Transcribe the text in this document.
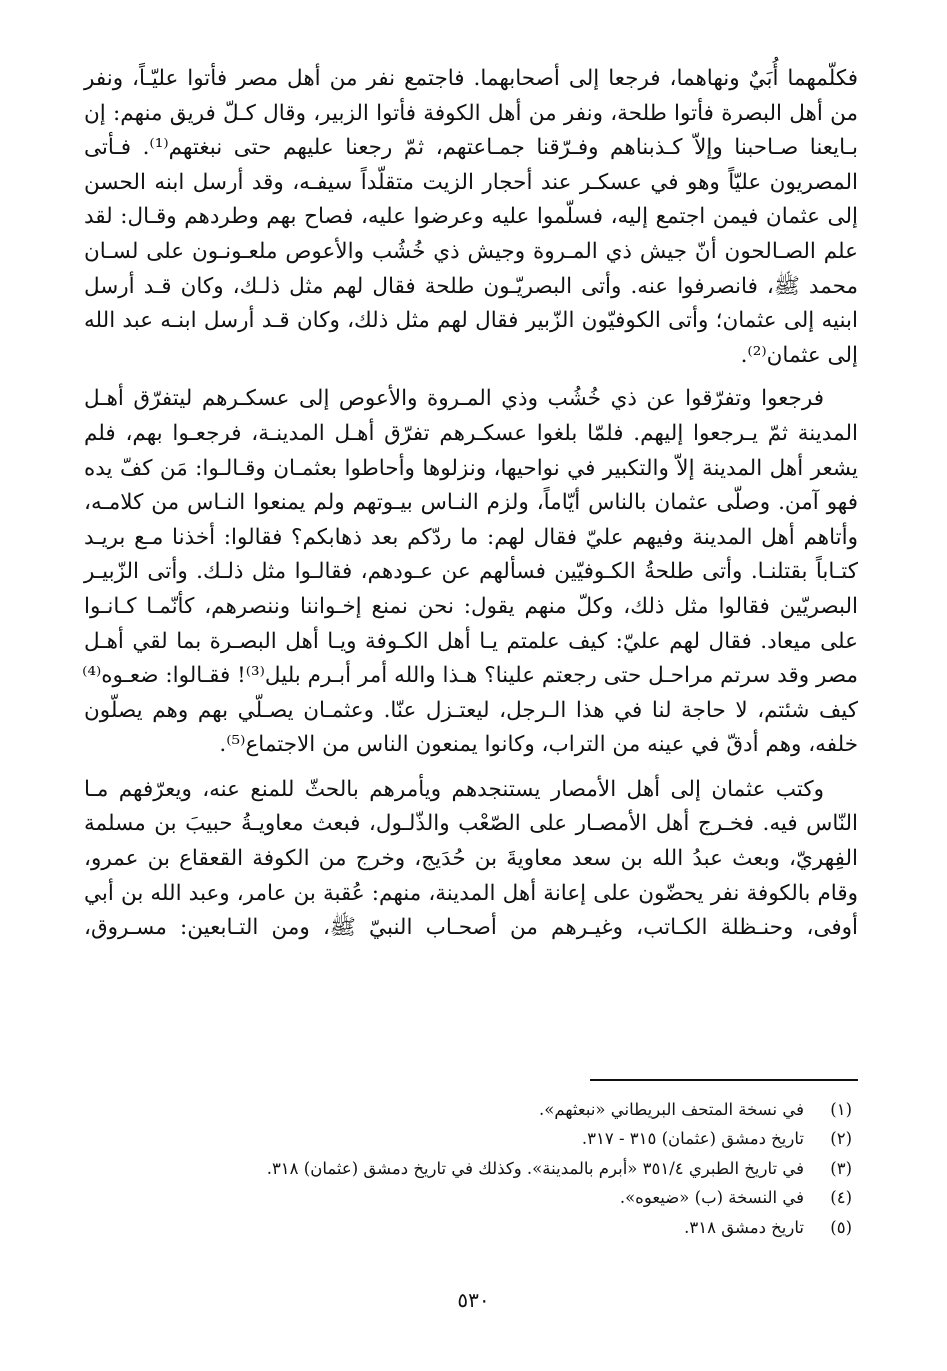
فكلّمهما أُبَيٌ ونهاهما، فرجعا إلى أصحابهما. فاجتمع نفر من أهل مصر فأتوا عليّـاً، ونفر
من أهل البصرة فأتوا طلحة، ونفر من أهل الكوفة فأتوا الزبير، وقال كـلّ فريق منهم: إن
بـايعنا صـاحبنا وإلاّ كـذبناهم وفـرّقنا جمـاعتهم، ثمّ رجعنا عليهم حتى نبغتهم⁽¹⁾. فـأتى
المصريون عليّاً وهو في عسكـر عند أحجار الزيت متقلّداً سيفـه، وقد أرسل ابنه الحسن
إلى عثمان فيمن اجتمع إليه، فسلّموا عليه وعرضوا عليه، فصاح بهم وطردهم وقـال: لقد
علم الصـالحون أنّ جيش ذي المـروة وجيش ذي خُشُب والأعوص ملعـونـون على لسـان
محمد ﷺ، فانصرفوا عنه. وأتى البصريّـون طلحة فقال لهم مثل ذلـك، وكان قـد أرسل
ابنيه إلى عثمان؛ وأتى الكوفيّون الزّبير فقال لهم مثل ذلك، وكان قـد أرسل ابنـه عبد الله
إلى عثمان⁽²⁾.

فرجعوا وتفرّقوا عن ذي خُشُب وذي المـروة والأعوص إلى عسكـرهم ليتفرّق أهـل
المدينة ثمّ يـرجعوا إليهم. فلمّا بلغوا عسكـرهم تفرّق أهـل المدينـة، فرجعـوا بهم، فلم
يشعر أهل المدينة إلاّ والتكبير في نواحيها، ونزلوها وأحاطوا بعثمـان وقـالـوا: مَن كفّ يده
فهو آمن. وصلّى عثمان بالناس أيّاماً، ولزم النـاس بيـوتهم ولم يمنعوا النـاس من كلامـه،
وأتاهم أهل المدينة وفيهم عليّ فقال لهم: ما ردّكم بعد ذهابكم؟ فقالوا: أخذنا مـع بريـد
كتـاباً بقتلنـا. وأتى طلحةُ الكـوفيّين فسألهم عن عـودهم، فقالـوا مثل ذلـك. وأتى الزّبيـر
البصريّين فقالوا مثل ذلك، وكلّ منهم يقول: نحن نمنع إخـواننا وننصرهم، كأنّمـا كـانـوا
على ميعاد. فقال لهم عليّ: كيف علمتم يـا أهل الكـوفة ويـا أهل البصـرة بما لقي أهـل
مصر وقد سرتم مراحـل حتى رجعتم علينا؟ هـذا والله أمر أبـرم بليل⁽³⁾! فقـالوا: ضعـوه⁽⁴⁾
كيف شئتم، لا حاجة لنا في هذا الـرجل، ليعتـزل عنّا. وعثمـان يصـلّي بهم وهم يصلّون
خلفه، وهم أدقّ في عينه من التراب، وكانوا يمنعون الناس من الاجتماع⁽⁵⁾.

وكتب عثمان إلى أهل الأمصار يستنجدهم ويأمرهم بالحثّ للمنع عنه، ويعرّفهم مـا
النّاس فيه. فخـرج أهل الأمصـار على الصّعْب والذّلـول، فبعث معاويـةُ حبيبَ بن مسلمة
الفِهريّ، وبعث عبدُ الله بن سعد معاويةَ بن حُدَيج، وخرج من الكوفة القعقاع بن عمرو،
وقام بالكوفة نفر يحضّون على إعانة أهل المدينة، منهم: عُقبة بن عامر، وعبد الله بن أبي
أوفى، وحنـظلة الكـاتب، وغيـرهم من أصحـاب النبيّ ﷺ، ومن التـابعين: مسـروق،

(١)
في نسخة المتحف البريطاني «نبعثهم».
(٢)
تاريخ دمشق (عثمان) ٣١٥ - ٣١٧.
(٣)
في تاريخ الطبري ٣٥١/٤ «أبرم بالمدينة». وكذلك في تاريخ دمشق (عثمان) ٣١٨.
(٤)
في النسخة (ب) «ضيعوه».
(٥)
تاريخ دمشق ٣١٨.
٥٣٠
